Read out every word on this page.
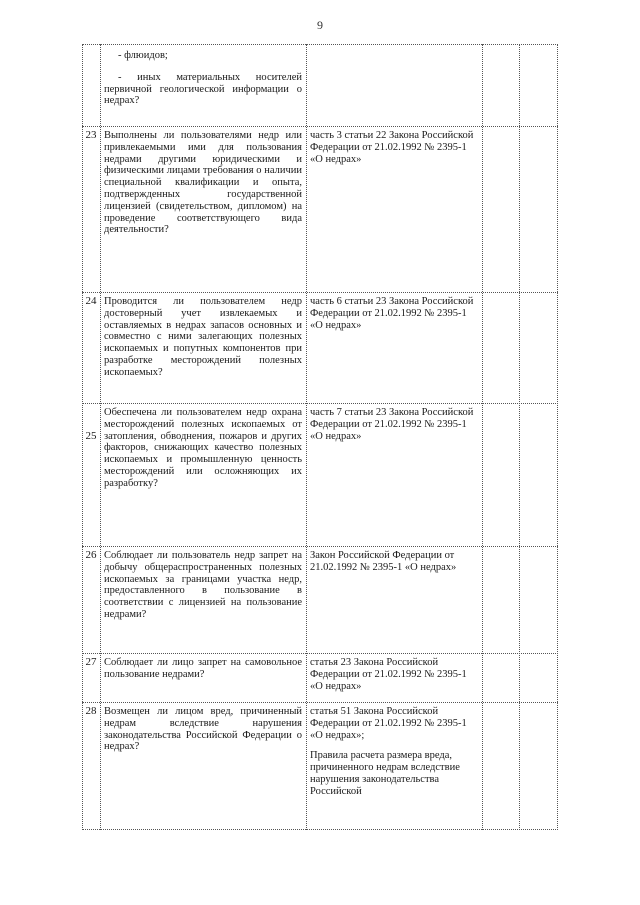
9

- флюидов;

- иных материальных носителей первичной геологической информации о недрах?

23 Выполнены ли пользователями недр или привлекаемыми ими для пользования недрами другими юридическими и физическими лицами требования о наличии специальной квалификации и опыта, подтвержденных государственной лицензией (свидетельством, дипломом) на проведение соответствующего вида деятельности?

часть 3 статьи 22 Закона Российской Федерации от 21.02.1992 № 2395-1 «О недрах»

24 Проводится ли пользователем недр достоверный учет извлекаемых и оставляемых в недрах запасов основных и совместно с ними залегающих полезных ископаемых и попутных компонентов при разработке месторождений полезных ископаемых?

часть 6 статьи 23 Закона Российской Федерации от 21.02.1992 № 2395-1 «О недрах»

25

Обеспечена ли пользователем недр охрана месторождений полезных ископаемых от затопления, обводнения, пожаров и других факторов, снижающих качество полезных ископаемых и промышленную ценность месторождений или осложняющих их разработку?

часть 7 статьи 23 Закона Российской Федерации от 21.02.1992 № 2395-1 «О недрах»

26 Соблюдает ли пользователь недр запрет на добычу общераспространенных полезных ископаемых за границами участка недр, предоставленного в пользование в соответствии с лицензией на пользование недрами?

Закон Российской Федерации от 21.02.1992 № 2395-1 «О недрах»

27 Соблюдает ли лицо запрет на самовольное пользование недрами?

статья 23 Закона Российской Федерации от 21.02.1992 № 2395-1 «О недрах»

28 Возмещен ли лицом вред, причиненный недрам вследствие нарушения законодательства Российской Федерации о недрах?

статья 51 Закона Российской Федерации от 21.02.1992 № 2395-1 «О недрах»;

Правила расчета размера вреда, причиненного недрам вследствие нарушения законодательства Российской
